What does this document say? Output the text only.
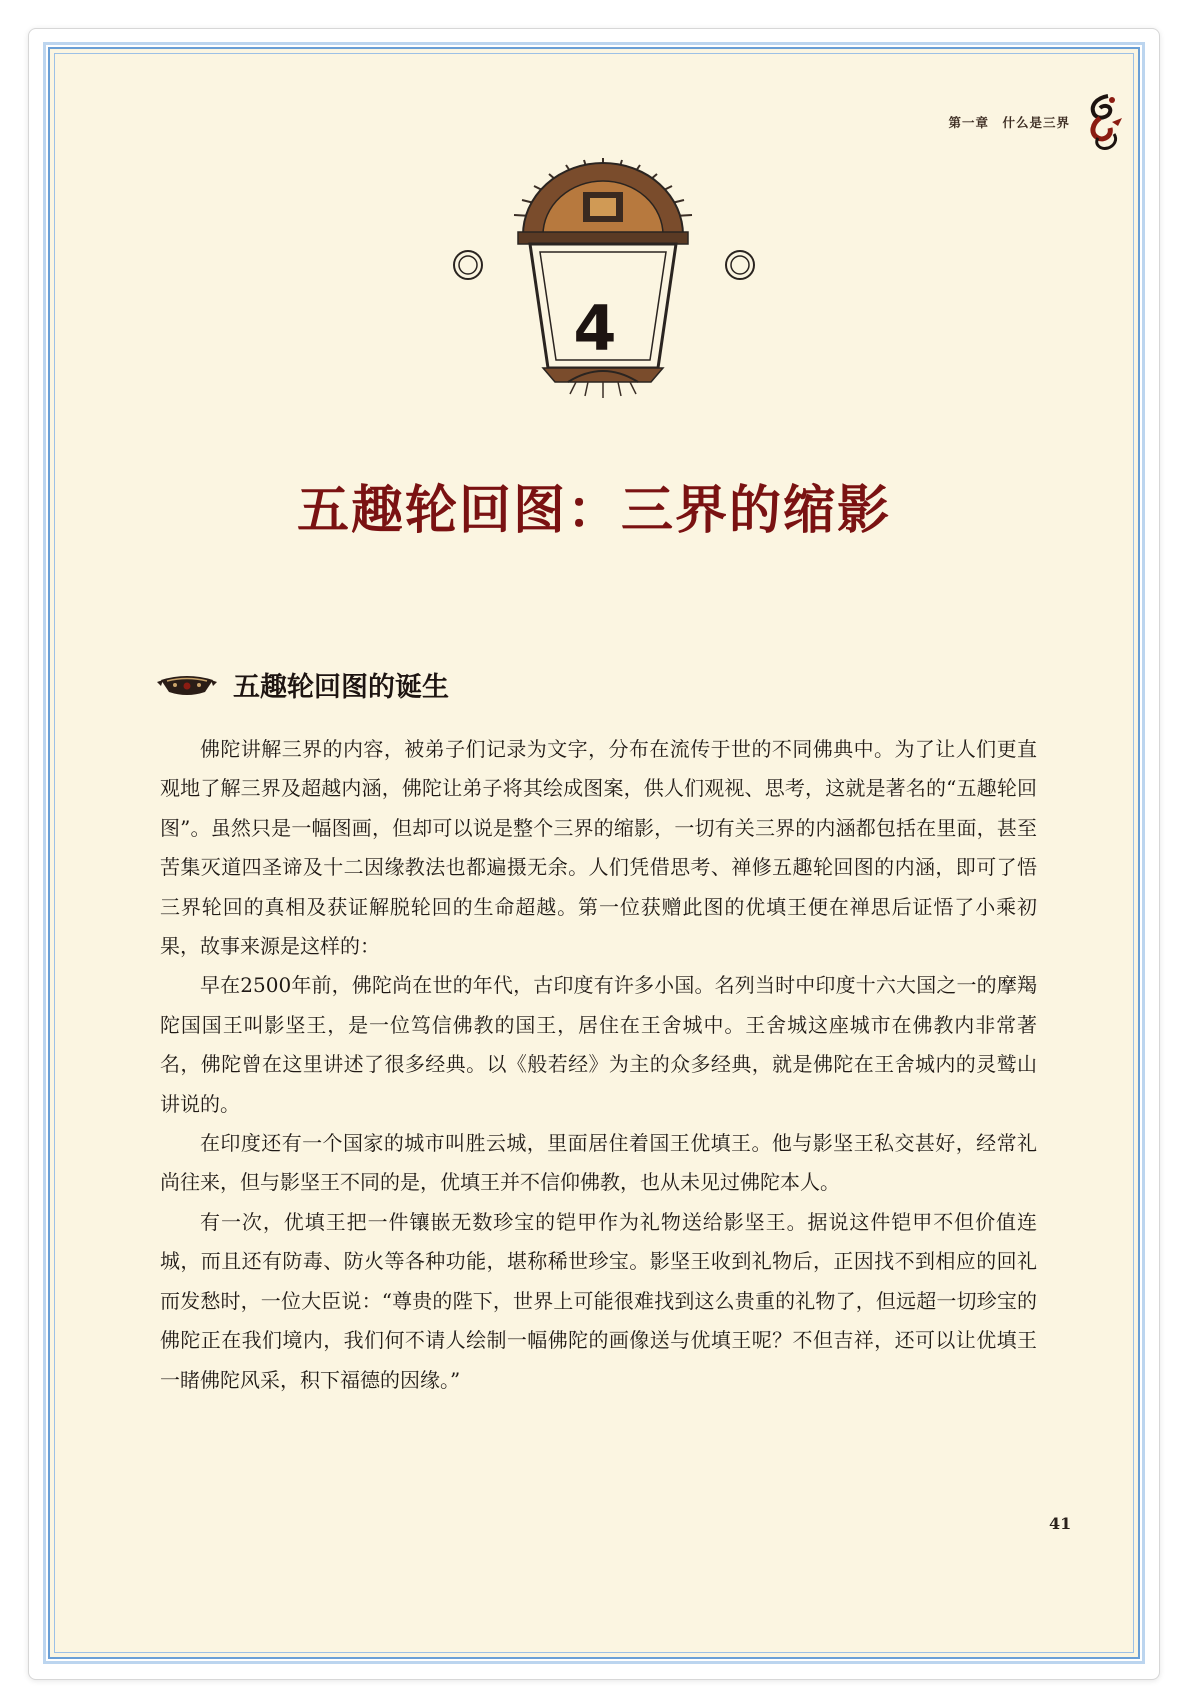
第一章　什么是三界
4
五趣轮回图：三界的缩影
五趣轮回图的诞生

佛陀讲解三界的内容，被弟子们记录为文字，分布在流传于世的不同佛典中。为了让人们更直观地了解三界及超越内涵，佛陀让弟子将其绘成图案，供人们观视、思考，这就是著名的“五趣轮回图”。虽然只是一幅图画，但却可以说是整个三界的缩影，一切有关三界的内涵都包括在里面，甚至苦集灭道四圣谛及十二因缘教法也都遍摄无余。人们凭借思考、禅修五趣轮回图的内涵，即可了悟三界轮回的真相及获证解脱轮回的生命超越。第一位获赠此图的优填王便在禅思后证悟了小乘初果，故事来源是这样的：

早在2500年前，佛陀尚在世的年代，古印度有许多小国。名列当时中印度十六大国之一的摩羯陀国国王叫影坚王，是一位笃信佛教的国王，居住在王舍城中。王舍城这座城市在佛教内非常著名，佛陀曾在这里讲述了很多经典。以《般若经》为主的众多经典，就是佛陀在王舍城内的灵鹫山讲说的。

在印度还有一个国家的城市叫胜云城，里面居住着国王优填王。他与影坚王私交甚好，经常礼尚往来，但与影坚王不同的是，优填王并不信仰佛教，也从未见过佛陀本人。

有一次，优填王把一件镶嵌无数珍宝的铠甲作为礼物送给影坚王。据说这件铠甲不但价值连城，而且还有防毒、防火等各种功能，堪称稀世珍宝。影坚王收到礼物后，正因找不到相应的回礼而发愁时，一位大臣说：“尊贵的陛下，世界上可能很难找到这么贵重的礼物了，但远超一切珍宝的佛陀正在我们境内，我们何不请人绘制一幅佛陀的画像送与优填王呢？不但吉祥，还可以让优填王一睹佛陀风采，积下福德的因缘。”

41
